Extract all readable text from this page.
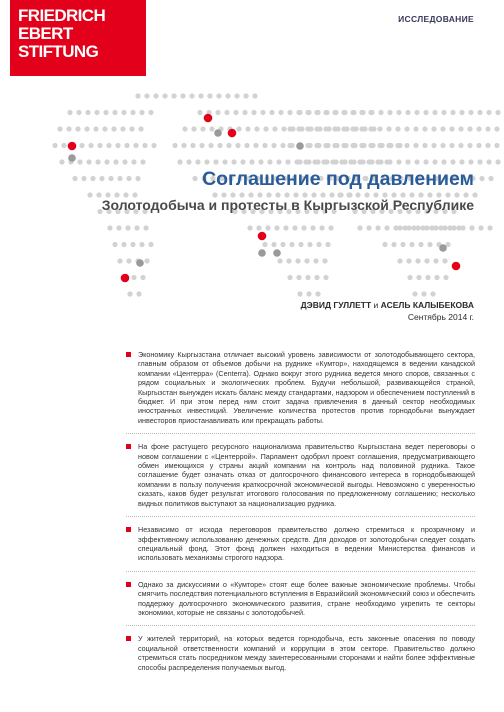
FRIEDRICH
EBERT
STIFTUNG
ИССЛЕДОВАНИЕ
Соглашение под давлением
Золотодобыча и протесты в Кыргызской Республике
ДЭВИД ГУЛЛЕТТ и АСЕЛЬ КАЛЫБЕКОВА
Сентябрь 2014 г.
Экономику Кыргызстана отличает высокий уровень зависимости от золотодобывающего сектора, главным образом от объемов добычи на руднике «Кумтор», находящемся в ведении канадской компании «Центерра» (Centerra). Однако вокруг этого рудника ведется много споров, связанных с рядом социальных и экологических проблем. Будучи небольшой, развивающейся страной, Кыргызстан вынужден искать баланс между стандартами, надзором и обеспечением поступлений в бюджет. И при этом перед ним стоит задача привлечения в данный сектор необходимых иностранных инвестиций. Увеличение количества протестов против горнодобычи вынуждает инвесторов приостанавливать или прекращать работы.
На фоне растущего ресурсного национализма правительство Кыргызстана ведет переговоры о новом соглашении с «Центеррой». Парламент одобрил проект соглашения, предусматривающего обмен имеющихся у страны акций компании на контроль над половиной рудника. Такое соглашение будет означать отказ от долгосрочного финансового интереса в горнодобывающей компании в пользу получения краткосрочной экономической выгоды. Невозможно с уверенностью сказать, каков будет результат итогового голосования по предложенному соглашению; несколько видных политиков выступают за национализацию рудника.
Независимо от исхода переговоров правительство должно стремиться к прозрачному и эффективному использованию денежных средств. Для доходов от золотодобычи следует создать специальный фонд. Этот фонд должен находиться в ведении Министерства финансов и использовать механизмы строгого надзора.
Однако за дискуссиями о «Кумторе» стоят еще более важные экономические проблемы. Чтобы смягчить последствия потенциального вступления в Евразийский экономический союз и обеспечить поддержку долгосрочного экономического развития, стране необходимо укрепить те секторы экономики, которые не связаны с золотодобычей.
У жителей территорий, на которых ведется горнодобыча, есть законные опасения по поводу социальной ответственности компаний и коррупции в этом секторе. Правительство должно стремиться стать посредником между заинтересованными сторонами и найти более эффективные способы распределения получаемых выгод.
